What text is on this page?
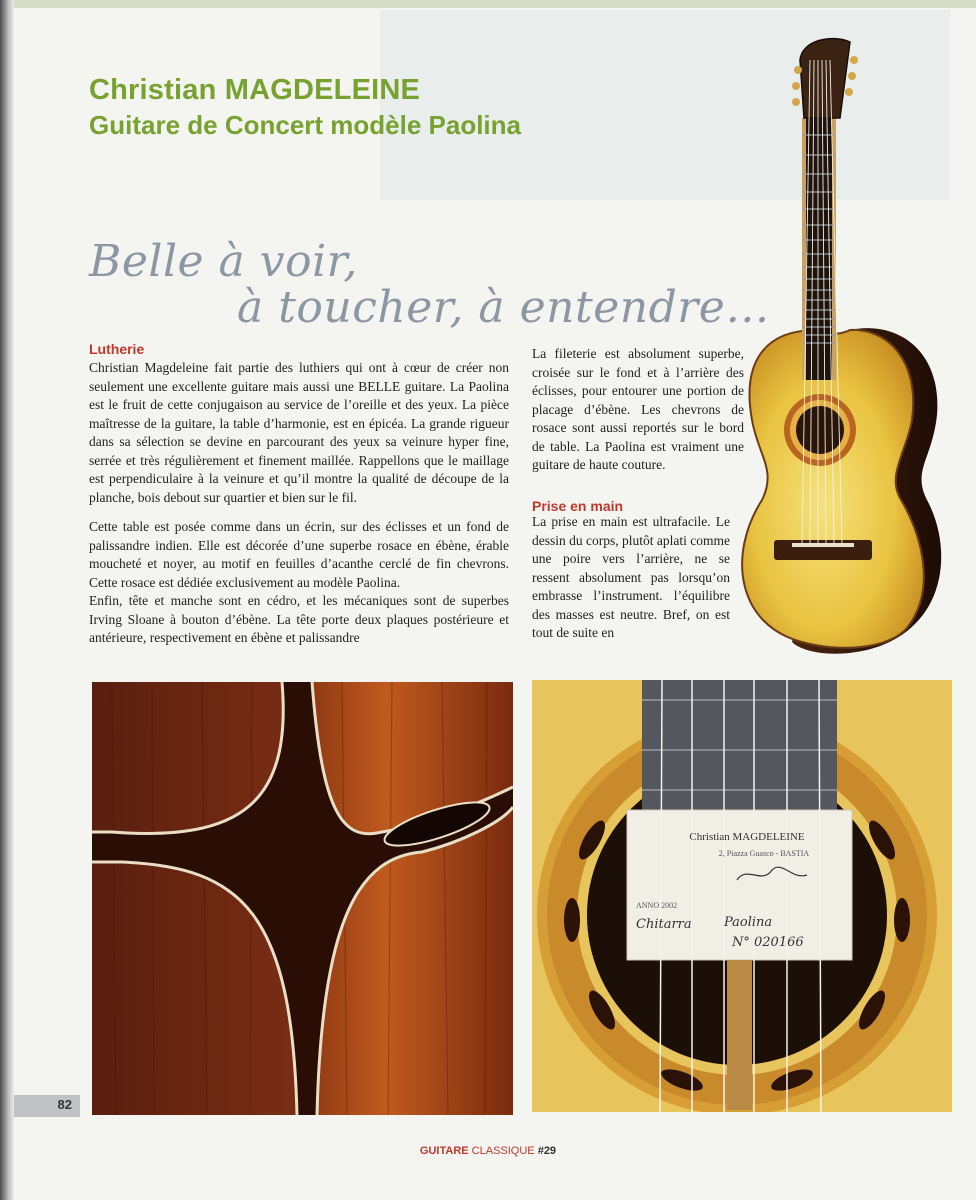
Christian MAGDELEINE
Guitare de Concert modèle Paolina
Belle à voir,
à toucher, à entendre…
Lutherie

Christian Magdeleine fait partie des luthiers qui ont à cœur de créer non seulement une excellente guitare mais aussi une BELLE guitare. La Paolina est le fruit de cette conjugaison au service de l’oreille et des yeux. La pièce maîtresse de la guitare, la table d’harmonie, est en épicéa. La grande rigueur dans sa sélection se devine en parcourant des yeux sa veinure hyper fine, serrée et très régulièrement et finement maillée. Rappellons que le maillage est perpendiculaire à la veinure et qu’il montre la qualité de découpe de la planche, bois debout sur quartier et bien sur le fil.

Cette table est posée comme dans un écrin, sur des éclisses et un fond de palissandre indien. Elle est décorée d’une superbe rosace en ébène, érable moucheté et noyer, au motif en feuilles d’acanthe cerclé de fin chevrons. Cette rosace est dédiée exclusivement au modèle Paolina.

Enfin, tête et manche sont en cédro, et les mécaniques sont de superbes Irving Sloane à bouton d’ébène. La tête porte deux plaques postérieure et antérieure, respectivement en ébène et palissandre

La fileterie est absolument superbe, croisée sur le fond et à l’arrière des éclisses, pour entourer une portion de placage d’ébène. Les chevrons de rosace sont aussi reportés sur le bord de table. La Paolina est vraiment une guitare de haute couture.

Prise en main

La prise en main est ultrafacile. Le dessin du corps, plutôt aplati comme une poire vers l’arrière, ne se ressent absolument pas lorsqu’on embrasse l’instrument. l’équilibre des masses est neutre. Bref, on est tout de suite en

Christian MAGDELEINE
2, Piazza Guasco - BASTIA
ANNO 2002
Chitarra Paolina
N° 020166
82
GUITARE CLASSIQUE #29
